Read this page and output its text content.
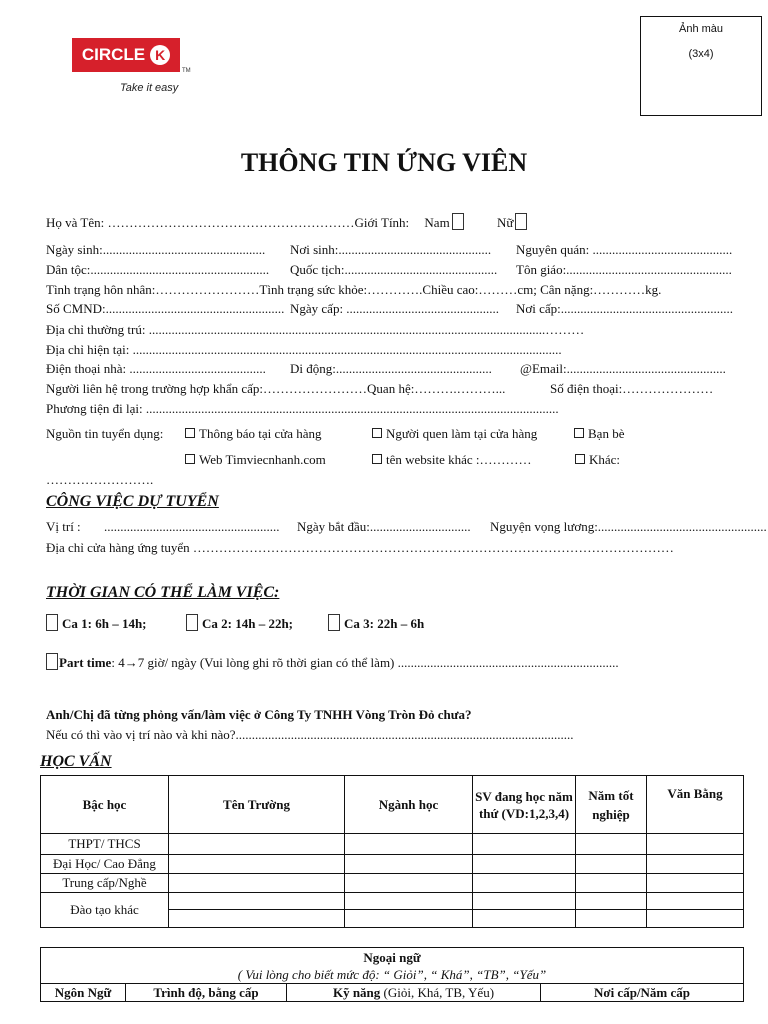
CIRCLE K
TM
Take it easy
Ảnh màu
(3x4)
THÔNG TIN ỨNG VIÊN
Họ và Tên: …………………………………………………Giới Tính: Nam	Nữ
Ngày sinh:.................................................. Nơi sinh:............................................... Nguyên quán: ...........................................
Dân tộc:....................................................... Quốc tịch:............................................... Tôn giáo:...................................................
Tình trạng hôn nhân:……………………Tình trạng sức khỏe:………….Chiều cao:………cm; Cân nặng:…………kg.
Số CMND:....................................................... Ngày cấp: ............................................... Nơi cấp:.....................................................
Địa chỉ thường trú: ..........................................................................................................................………
Địa chỉ hiện tại: ....................................................................................................................................
Điện thoại nhà: .......................................... Di động:................................................ @Email:.................................................
Người liên hệ trong trường hợp khẩn cấp:……………………Quan hệ:……….………...	Số điện thoại:…………………
Phương tiện đi lại: ...............................................................................................................................
Nguồn tin tuyển dụng:	Thông báo tại cửa hàng	Người quen làm tại cửa hàng	Bạn bè
Web Timviecnhanh.com	tên website khác :…………	Khác:
…………………….
CÔNG VIỆC DỰ TUYỂN
Vị trí : ...................................................... Ngày bắt đầu:............................... Nguyện vọng lương:....................................................
Địa chỉ cửa hàng ứng tuyển …………………………………………………………………………………………………
THỜI GIAN CÓ THỂ LÀM VIỆC:
Ca 1: 6h – 14h;	Ca 2: 14h – 22h;	Ca 3: 22h – 6h
Part time: 4→7 giờ/ ngày (Vui lòng ghi rõ thời gian có thể làm) ....................................................................
Anh/Chị đã từng phỏng vấn/làm việc ở Công Ty TNHH Vòng Tròn Đỏ chưa?
Nếu có thì vào vị trí nào và khi nào?........................................................................................................
HỌC VẤN
Bậc học	Tên Trường	Ngành học	SV đang học năm thứ (VD:1,2,3,4)	Năm tốt nghiệp	Văn Bằng
THPT/ THCS					
Đại Học/ Cao Đẳng					
Trung cấp/Nghề					
Đào tạo khác					

Ngoại ngữ
( Vui lòng cho biết mức độ: “ Giỏi”, “ Khá”, “TB”, “Yếu”

Ngôn Ngữ	Trình độ, bằng cấp	Kỹ năng (Giỏi, Khá, TB, Yếu)	Nơi cấp/Năm cấp
